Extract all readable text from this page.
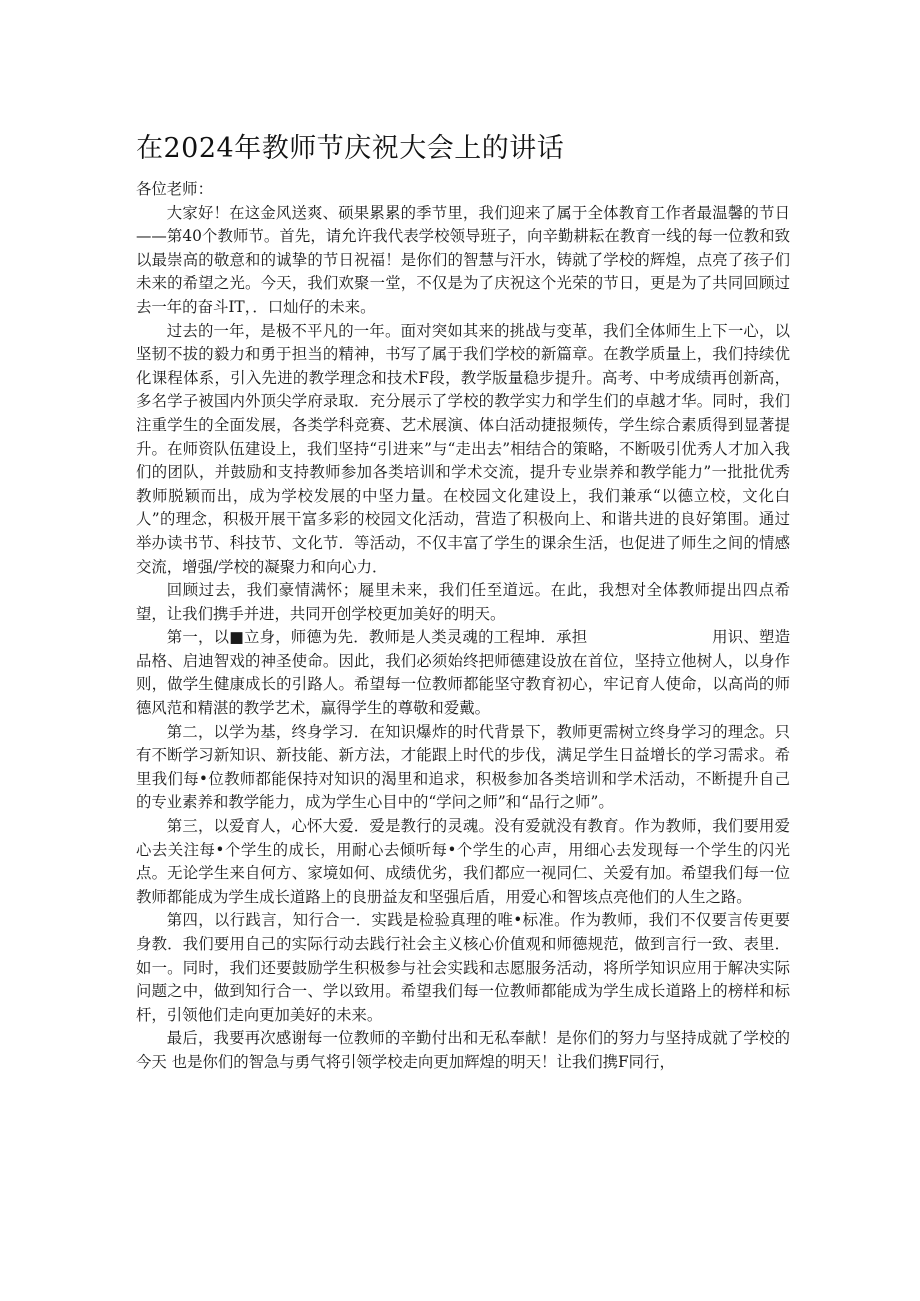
在2024年教师节庆祝大会上的讲话

各位老师：

大家好！在这金风送爽、硕果累累的季节里，我们迎来了属于全体教育工作者最温馨的节日——第40个教师节。首先，请允许我代表学校领导班子，向辛勤耕耘在教育一线的每一位教和致以最崇高的敬意和的诚挚的节日祝福！是你们的智慧与汗水，铸就了学校的辉煌，点亮了孩子们未来的希望之光。今天，我们欢聚一堂，不仅是为了庆祝这个光荣的节日，更是为了共同回顾过去一年的奋斗IT，．口灿仔的未来。

过去的一年，是极不平凡的一年。面对突如其来的挑战与变革，我们全体师生上下一心，以坚韧不拔的毅力和勇于担当的精神，书写了属于我们学校的新篇章。在教学质量上，我们持续优化课程体系，引入先进的教学理念和技术F段，教学版量稳步提升。高考、中考成绩再创新高，多名学子被国内外顶尖学府录取．充分展示了学校的教学实力和学生们的卓越才华。同时，我们注重学生的全面发展，各类学科竞赛、艺术展演、体白活动捷报频传，学生综合素质得到显著提升。在师资队伍建设上，我们坚持“引进来”与“走出去”相结合的策略，不断吸引优秀人才加入我们的团队，并鼓励和支持教师参加各类培训和学术交流，提升专业崇养和教学能力”一批批优秀教师脱颖而出，成为学校发展的中坚力量。在校园文化建设上，我们兼承“以德立校，文化白人”的理念，积极开展干富多彩的校园文化活动，营造了积极向上、和谐共进的良好第围。通过举办读书节、科技节、文化节．等活动，不仅丰富了学生的课余生活，也促进了师生之间的情感交流，增强/学校的凝聚力和向心力．

回顾过去，我们豪情满怀；屣里未来，我们任至道远。在此，我想对全体教师提出四点希望，让我们携手并进，共同开创学校更加美好的明天。

第一，以■立身，师德为先．教师是人类灵魂的工程坤．承担　　　　　　　　用识、塑造品格、启迪智戏的神圣使命。因此，我们必须始终把师德建设放在首位，坚持立他树人，以身作则，做学生健康成长的引路人。希望每一位教师都能坚守教育初心，牢记育人使命，以高尚的师德风范和精湛的教学艺术，赢得学生的尊敬和爱戴。

第二，以学为基，终身学习．在知识爆炸的时代背景下，教师更需树立终身学习的理念。只有不断学习新知识、新技能、新方法，才能跟上时代的步伐，满足学生日益增长的学习需求。希里我们每•位教师都能保持对知识的渴里和追求，积极参加各类培训和学术活动，不断提升自己的专业素养和教学能力，成为学生心目中的“学问之师”和“品行之师”。

第三，以爱育人，心怀大爱．爱是教行的灵魂。没有爱就没有教育。作为教师，我们要用爱心去关注每•个学生的成长，用耐心去倾听每•个学生的心声，用细心去发现每一个学生的闪光点。无论学生来自何方、家境如何、成绩优劣，我们都应一视同仁、关爱有加。希望我们每一位教师都能成为学生成长道路上的良册益友和坚强后盾，用爱心和智垓点亮他们的人生之路。

第四，以行践言，知行合一．实践是检验真理的唯•标准。作为教师，我们不仅要言传更要身教．我们要用自己的实际行动去践行社会主义核心价值观和师德规范，做到言行一致、表里．如一。同时，我们还要鼓励学生积极参与社会实践和志愿服务活动，将所学知识应用于解决实际问题之中，做到知行合一、学以致用。希望我们每一位教师都能成为学生成长道路上的榜样和标杆，引领他们走向更加美好的未来。

最后，我要再次感谢每一位教师的辛勤付出和无私奉献！是你们的努力与坚持成就了学校的今天 也是你们的智急与勇气将引领学校走向更加辉煌的明天！让我们携F同行，
